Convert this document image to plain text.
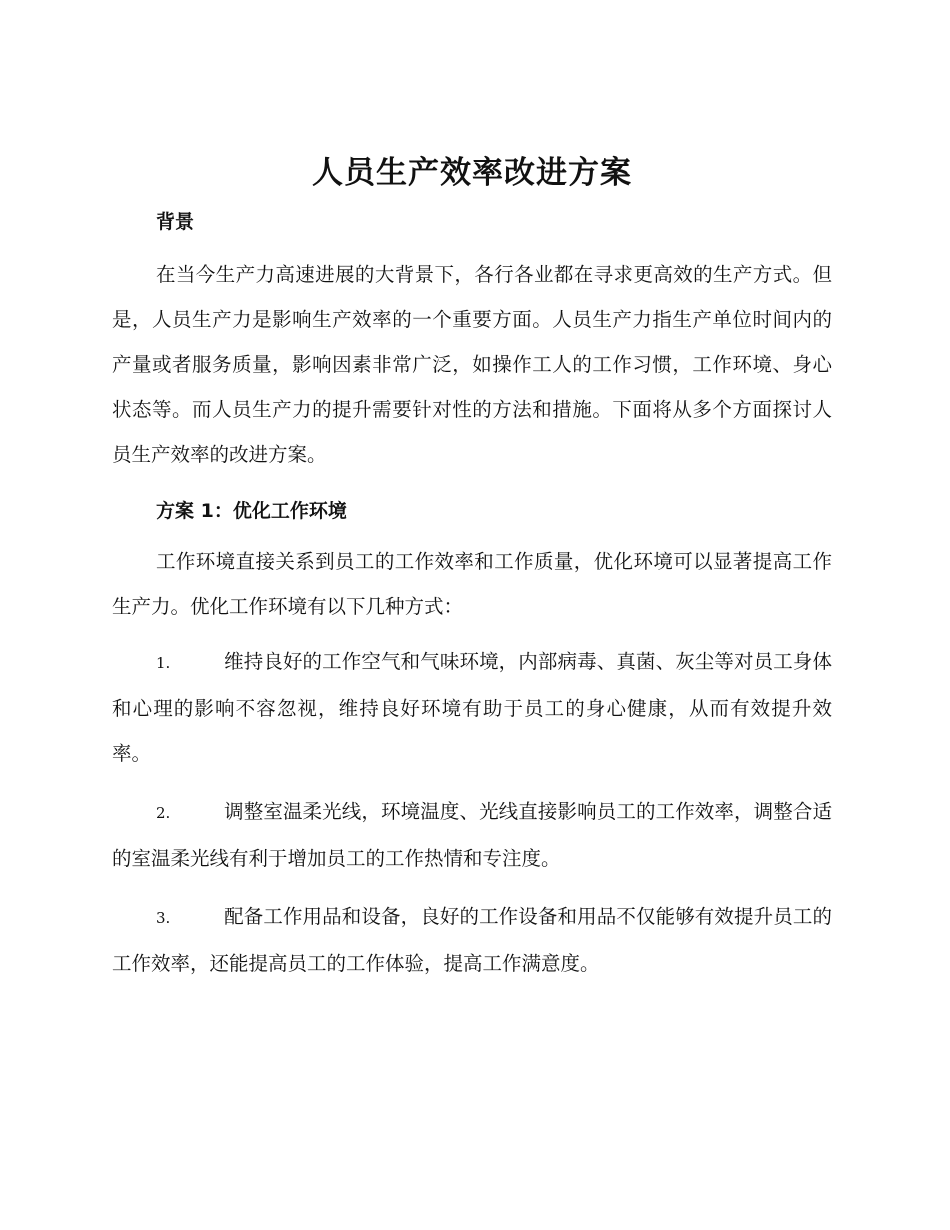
人员生产效率改进方案
背景

在当今生产力高速进展的大背景下，各行各业都在寻求更高效的生产方式。但是，人员生产力是影响生产效率的一个重要方面。人员生产力指生产单位时间内的产量或者服务质量，影响因素非常广泛，如操作工人的工作习惯，工作环境、身心状态等。而人员生产力的提升需要针对性的方法和措施。下面将从多个方面探讨人员生产效率的改进方案。

方案 1：优化工作环境

工作环境直接关系到员工的工作效率和工作质量，优化环境可以显著提高工作生产力。优化工作环境有以下几种方式：

1.	维持良好的工作空气和气味环境，内部病毒、真菌、灰尘等对员工身体和心理的影响不容忽视，维持良好环境有助于员工的身心健康，从而有效提升效率。

2.	调整室温柔光线，环境温度、光线直接影响员工的工作效率，调整合适的室温柔光线有利于增加员工的工作热情和专注度。

3.	配备工作用品和设备，良好的工作设备和用品不仅能够有效提升员工的工作效率，还能提高员工的工作体验，提高工作满意度。
